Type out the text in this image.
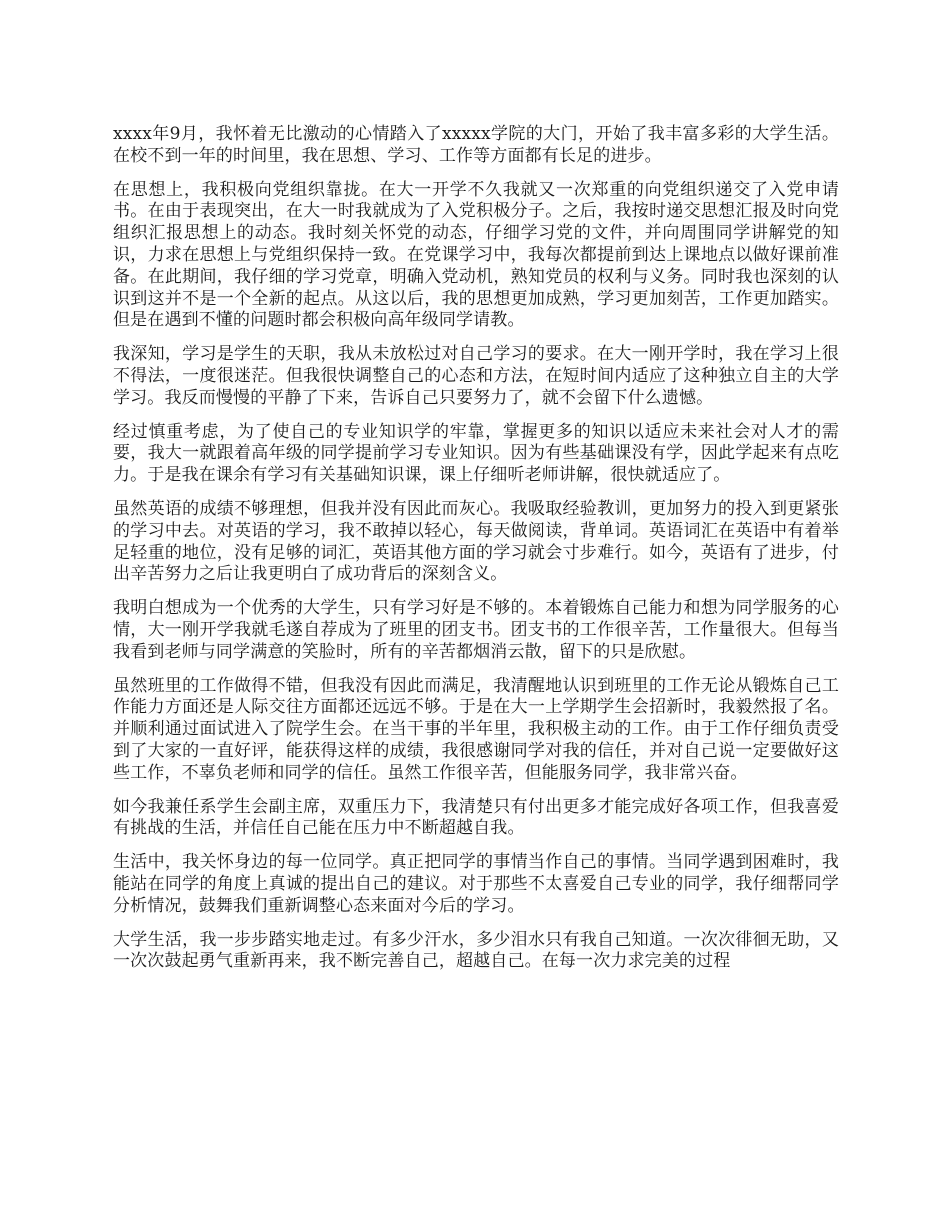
xxxx年9月，我怀着无比激动的心情踏入了xxxxx学院的大门，开始了我丰富多彩的大学生活。在校不到一年的时间里，我在思想、学习、工作等方面都有长足的进步。

在思想上，我积极向党组织靠拢。在大一开学不久我就又一次郑重的向党组织递交了入党申请书。在由于表现突出，在大一时我就成为了入党积极分子。之后，我按时递交思想汇报及时向党组织汇报思想上的动态。我时刻关怀党的动态，仔细学习党的文件，并向周围同学讲解党的知识，力求在思想上与党组织保持一致。在党课学习中，我每次都提前到达上课地点以做好课前准备。在此期间，我仔细的学习党章，明确入党动机，熟知党员的权利与义务。同时我也深刻的认识到这并不是一个全新的起点。从这以后，我的思想更加成熟，学习更加刻苦，工作更加踏实。但是在遇到不懂的问题时都会积极向高年级同学请教。

我深知，学习是学生的天职，我从未放松过对自己学习的要求。在大一刚开学时，我在学习上很不得法，一度很迷茫。但我很快调整自己的心态和方法，在短时间内适应了这种独立自主的大学学习。我反而慢慢的平静了下来，告诉自己只要努力了，就不会留下什么遗憾。

经过慎重考虑，为了使自己的专业知识学的牢靠，掌握更多的知识以适应未来社会对人才的需要，我大一就跟着高年级的同学提前学习专业知识。因为有些基础课没有学，因此学起来有点吃力。于是我在课余有学习有关基础知识课，课上仔细听老师讲解，很快就适应了。

虽然英语的成绩不够理想，但我并没有因此而灰心。我吸取经验教训，更加努力的投入到更紧张的学习中去。对英语的学习，我不敢掉以轻心，每天做阅读，背单词。英语词汇在英语中有着举足轻重的地位，没有足够的词汇，英语其他方面的学习就会寸步难行。如今，英语有了进步，付出辛苦努力之后让我更明白了成功背后的深刻含义。

我明白想成为一个优秀的大学生，只有学习好是不够的。本着锻炼自己能力和想为同学服务的心情，大一刚开学我就毛遂自荐成为了班里的团支书。团支书的工作很辛苦，工作量很大。但每当我看到老师与同学满意的笑脸时，所有的辛苦都烟消云散，留下的只是欣慰。

虽然班里的工作做得不错，但我没有因此而满足，我清醒地认识到班里的工作无论从锻炼自己工作能力方面还是人际交往方面都还远远不够。于是在大一上学期学生会招新时，我毅然报了名。并顺利通过面试进入了院学生会。在当干事的半年里，我积极主动的工作。由于工作仔细负责受到了大家的一直好评，能获得这样的成绩，我很感谢同学对我的信任，并对自己说一定要做好这些工作，不辜负老师和同学的信任。虽然工作很辛苦，但能服务同学，我非常兴奋。

如今我兼任系学生会副主席，双重压力下，我清楚只有付出更多才能完成好各项工作，但我喜爱有挑战的生活，并信任自己能在压力中不断超越自我。

生活中，我关怀身边的每一位同学。真正把同学的事情当作自己的事情。当同学遇到困难时，我能站在同学的角度上真诚的提出自己的建议。对于那些不太喜爱自己专业的同学，我仔细帮同学分析情况，鼓舞我们重新调整心态来面对今后的学习。

大学生活，我一步步踏实地走过。有多少汗水，多少泪水只有我自己知道。一次次徘徊无助，又一次次鼓起勇气重新再来，我不断完善自己，超越自己。在每一次力求完美的过程
